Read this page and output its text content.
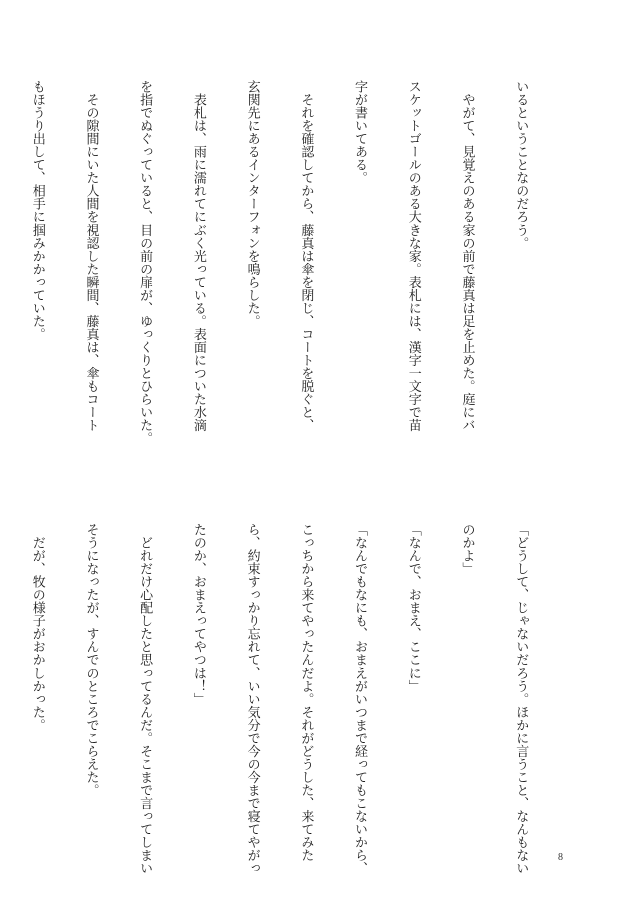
いるということなのだろう。

　やがて、見覚えのある家の前で藤真は足を止めた。庭にバ

スケットゴールのある大きな家。表札には、漢字一文字で苗

字が書いてある。

　それを確認してから、藤真は傘を閉じ、コートを脱ぐと、

玄関先にあるインターフォンを鳴らした。

　表札は、雨に濡れてにぶく光っている。表面についた水滴

を指でぬぐっていると、目の前の扉が、ゆっくりとひらいた。

　その隙間にいた人間を視認した瞬間、藤真は、傘もコート

もほうり出して、相手に掴みかかっていた。

「どうして、じゃないだろう。ほかに言うこと、なんもない

のかよ」

「なんで、おまえ、ここに」

「なんでもなにも、おまえがいつまで経ってもこないから、

こっちから来てやったんだよ。それがどうした、来てみた

ら、約束すっかり忘れて、いい気分で今の今まで寝てやがっ

たのか、おまえってやつは！」

　どれだけ心配したと思ってるんだ。そこまで言ってしまい

そうになったが、すんでのところでこらえた。

　だが、牧の様子がおかしかった。

8
